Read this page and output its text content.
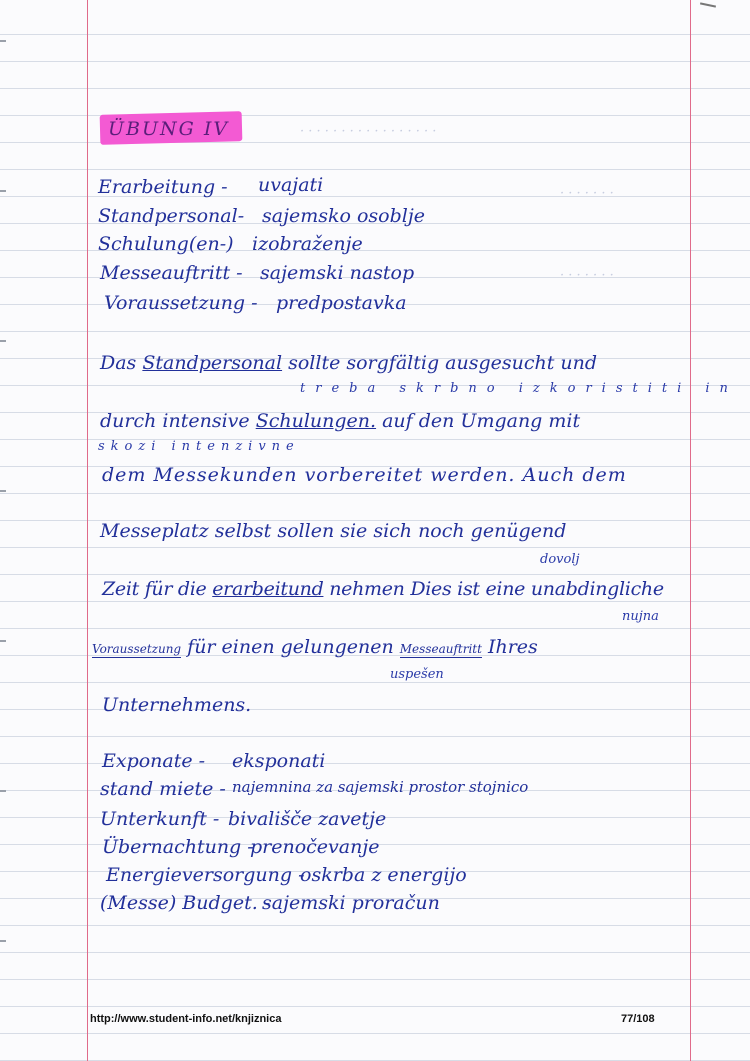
ÜBUNG IV
Erarbeitung - uvajati
Standpersonal- sajemsko osoblje
Schulung(en-) izobraženje
Messeauftritt - sajemski nastop
Voraussetzung - predpostavka
· · · · · · · · · · · · · · · · ·
· · · · · · ·
· · · · · · ·
Das Standpersonal sollte sorgfältig ausgesucht und
treba skrbno izkoristiti in
durch intensive Schulungen. auf den Umgang mit
skozi intenzivne
dem Messekunden vorbereitet werden. Auch dem
Messeplatz selbst sollen sie sich noch genügend
dovolj
Zeit für die erarbeitund nehmen Dies ist eine unabdingliche
nujna
Voraussetzung für einen gelungenen Messeauftritt Ihres
uspešen
Unternehmens.
Exponate - eksponati
stand miete - najemnina za sajemski prostor stojnico
Unterkunft - bivališče zavetje
Übernachtung -
prenočevanje
Energieversorgung -
oskrba z energijo
(Messe) Budget. -
sajemski proračun
http://www.student-info.net/knjiznica	77/108
